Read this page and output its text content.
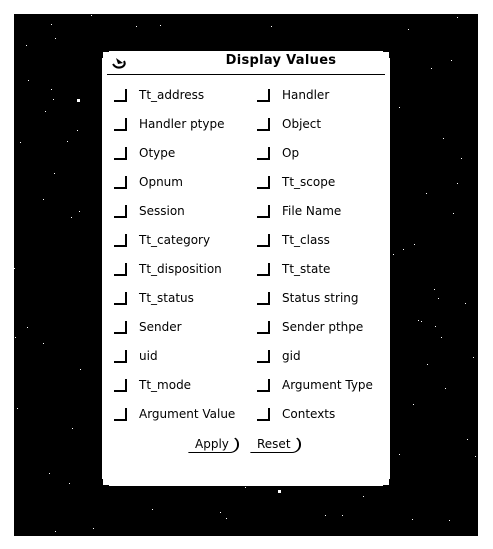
Display Values
Tt_address
Handler ptype
Otype
Opnum
Session
Tt_category
Tt_disposition
Tt_status
Sender
uid
Tt_mode
Argument Value
Handler
Object
Op
Tt_scope
File Name
Tt_class
Tt_state
Status string
Sender pthpe
gid
Argument Type
Contexts
Apply	Reset
